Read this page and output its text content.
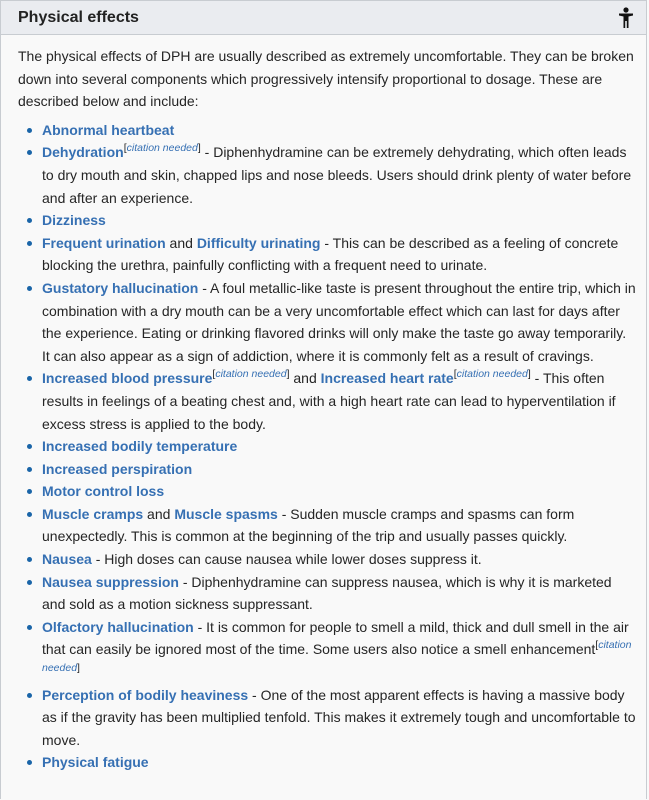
Physical effects

The physical effects of DPH are usually described as extremely uncomfortable. They can be broken down into several components which progressively intensify proportional to dosage. These are described below and include:

Abnormal heartbeat
Dehydration[citation needed] - Diphenhydramine can be extremely dehydrating, which often leads to dry mouth and skin, chapped lips and nose bleeds. Users should drink plenty of water before and after an experience.
Dizziness
Frequent urination and Difficulty urinating - This can be described as a feeling of concrete blocking the urethra, painfully conflicting with a frequent need to urinate.
Gustatory hallucination - A foul metallic-like taste is present throughout the entire trip, which in combination with a dry mouth can be a very uncomfortable effect which can last for days after the experience. Eating or drinking flavored drinks will only make the taste go away temporarily. It can also appear as a sign of addiction, where it is commonly felt as a result of cravings.
Increased blood pressure[citation needed] and Increased heart rate[citation needed] - This often results in feelings of a beating chest and, with a high heart rate can lead to hyperventilation if excess stress is applied to the body.
Increased bodily temperature
Increased perspiration
Motor control loss
Muscle cramps and Muscle spasms - Sudden muscle cramps and spasms can form unexpectedly. This is common at the beginning of the trip and usually passes quickly.
Nausea - High doses can cause nausea while lower doses suppress it.
Nausea suppression - Diphenhydramine can suppress nausea, which is why it is marketed and sold as a motion sickness suppressant.
Olfactory hallucination - It is common for people to smell a mild, thick and dull smell in the air that can easily be ignored most of the time. Some users also notice a smell enhancement[citation needed]
Perception of bodily heaviness - One of the most apparent effects is having a massive body as if the gravity has been multiplied tenfold. This makes it extremely tough and uncomfortable to move.
Physical fatigue
